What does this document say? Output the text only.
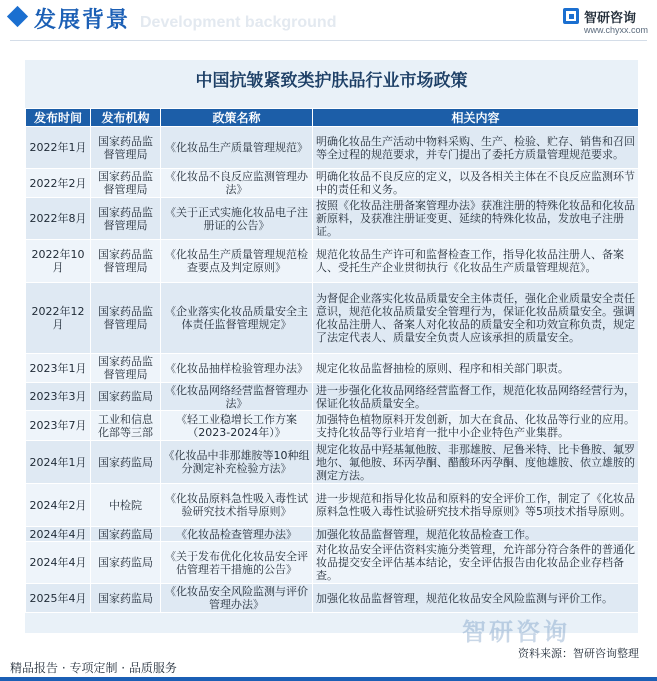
发展背景 Development background	智研咨询
www.chyxx.com
中国抗皱紧致类护肤品行业市场政策
发布时间	发布机构	政策名称	相关内容
2022年1月	国家药品监督管理局	《化妆品生产质量管理规范》	明确化妆品生产活动中物料采购、生产、检验、贮存、销售和召回等全过程的规范要求，并专门提出了委托方质量管理规范要求。
2022年2月	国家药品监督管理局	《化妆品不良反应监测管理办法》	明确化妆品不良反应的定义，以及各相关主体在不良反应监测环节中的责任和义务。
2022年8月	国家药品监督管理局	《关于正式实施化妆品电子注册证的公告》	按照《化妆品注册备案管理办法》获准注册的特殊化妆品和化妆品新原料，及获准注册证变更、延续的特殊化妆品，发放电子注册证。
2022年10月	国家药品监督管理局	《化妆品生产质量管理规范检查要点及判定原则》	规范化妆品生产许可和监督检查工作，指导化妆品注册人、备案人、受托生产企业贯彻执行《化妆品生产质量管理规范》。
2022年12月	国家药品监督管理局	《企业落实化妆品质量安全主体责任监督管理规定》	为督促企业落实化妆品质量安全主体责任，强化企业质量安全责任意识，规范化妆品质量安全管理行为，保证化妆品质量安全。强调化妆品注册人、备案人对化妆品的质量安全和功效宣称负责，规定了法定代表人、质量安全负责人应该承担的质量安全。
2023年1月	国家药品监督管理局	《化妆品抽样检验管理办法》	规定化妆品监督抽检的原则、程序和相关部门职责。
2023年3月	国家药监局	《化妆品网络经营监督管理办法》	进一步强化化妆品网络经营监督工作，规范化妆品网络经营行为，保证化妆品质量安全。
2023年7月	工业和信息化部等三部	《轻工业稳增长工作方案（2023-2024年）》	加强特色植物原料开发创新，加大在食品、化妆品等行业的应用。支持化妆品等行业培育一批中小企业特色产业集群。
2024年1月	国家药监局	《化妆品中非那雄胺等10种组分测定补充检验方法》	规定化妆品中羟基氟他胺、非那雄胺、尼鲁米特、比卡鲁胺、氟罗地尔、氟他胺、环丙孕酮、醋酸环丙孕酮、度他雄胺、依立雄胺的测定方法。
2024年2月	中检院	《化妆品原料急性吸入毒性试验研究技术指导原则》	进一步规范和指导化妆品和原料的安全评价工作，制定了《化妆品原料急性吸入毒性试验研究技术指导原则》等5项技术指导原则。
2024年4月	国家药监局	《化妆品检查管理办法》	加强化妆品监督管理，规范化妆品检查工作。
2024年4月	国家药监局	《关于发布优化化妆品安全评估管理若干措施的公告》	对化妆品安全评估资料实施分类管理，允许部分符合条件的普通化妆品提交安全评估基本结论，安全评估报告由化妆品企业存档备查。
2025年4月	国家药监局	《化妆品安全风险监测与评价管理办法》	加强化妆品监督管理，规范化妆品安全风险监测与评价工作。
智研咨询
资料来源：智研咨询整理
精品报告 · 专项定制 · 品质服务
